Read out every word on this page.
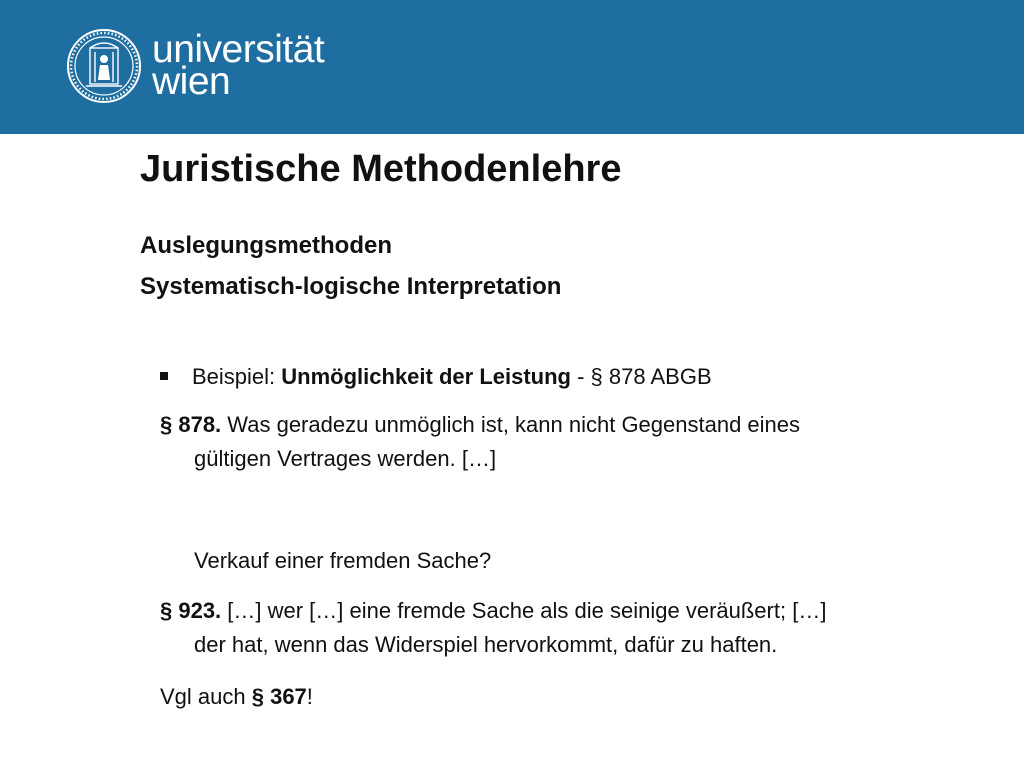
universität
wien
Juristische Methodenlehre
Auslegungsmethoden
Systematisch-logische Interpretation
Beispiel: Unmöglichkeit der Leistung - § 878 ABGB
§ 878. Was geradezu unmöglich ist, kann nicht Gegenstand eines
gültigen Vertrages werden. […]
Verkauf einer fremden Sache?
§ 923. […] wer […] eine fremde Sache als die seinige veräußert; […]
der hat, wenn das Widerspiel hervorkommt, dafür zu haften.
Vgl auch § 367!
